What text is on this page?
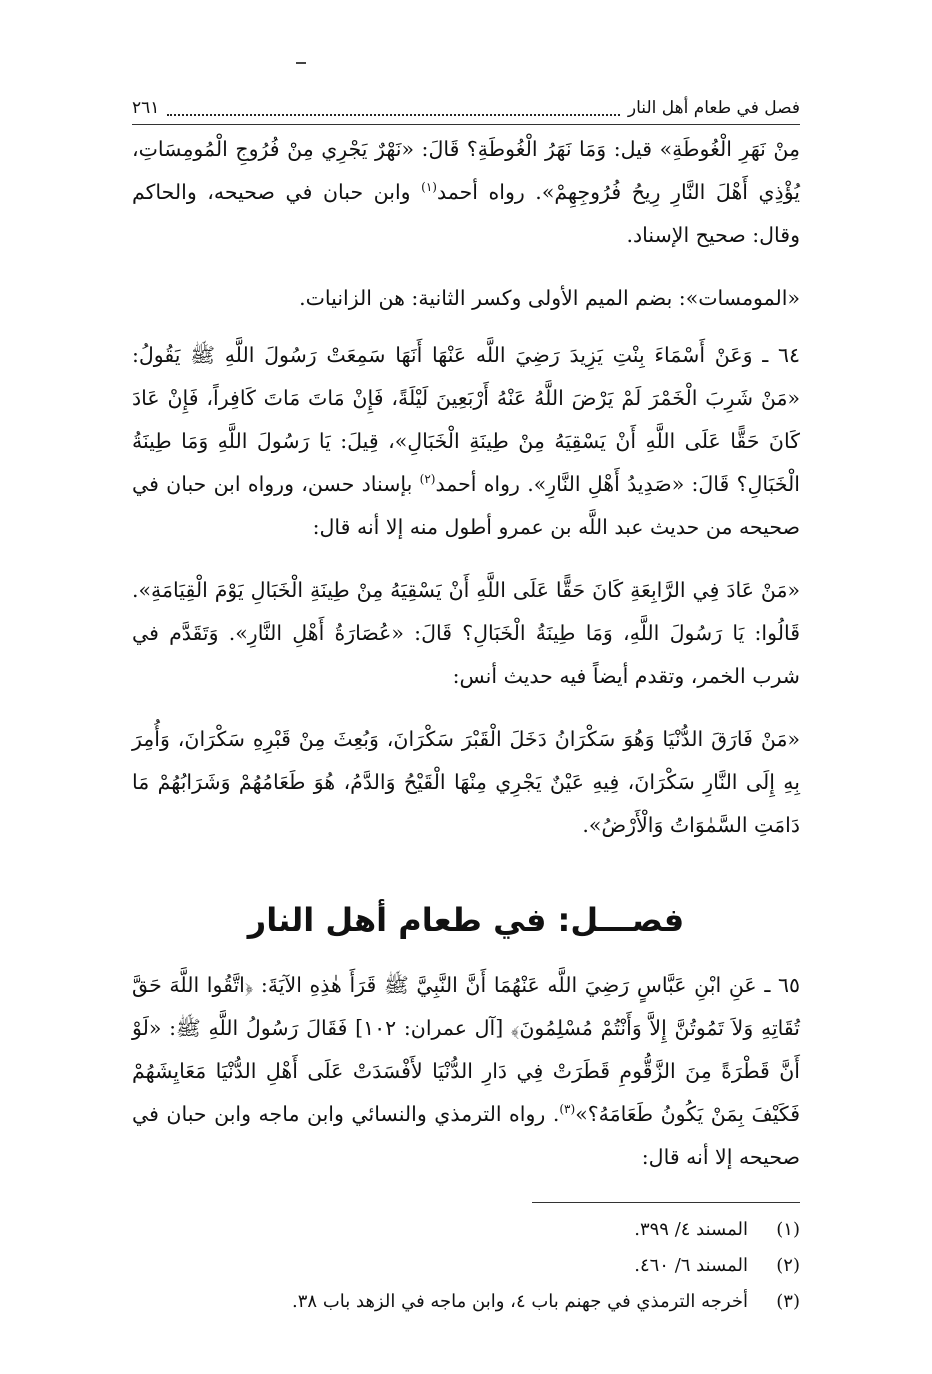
فصل في طعام أهل النار
٢٦١

مِنْ نَهَرِ الْغُوطَةِ» قيل: وَمَا نَهَرُ الْغُوطَةِ؟ قَالَ: «نَهْرٌ يَجْرِي مِنْ فُرُوجِ الْمُومِسَاتِ، يُؤْذِي أَهْلَ النَّارِ رِيحُ فُرُوجِهِمْ». رواه أحمد$^{(١)}$ وابن حبان في صحيحه، والحاكم وقال: صحيح الإسناد.

«المومسات»: بضم الميم الأولى وكسر الثانية: هن الزانيات.

٦٤ ـ وَعَنْ أَسْمَاءَ بِنْتِ يَزِيدَ رَضِيَ اللَّه عَنْهَا أَنَهَا سَمِعَتْ رَسُولَ اللَّهِ ﷺ يَقُولُ: «مَنْ شَرِبَ الْخَمْرَ لَمْ يَرْضَ اللَّهُ عَنْهُ أَرْبَعِينَ لَيْلَةً، فَإِنْ مَاتَ مَاتَ كَافِراً، فَإِنْ عَادَ كَانَ حَقًّا عَلَى اللَّهِ أَنْ يَسْقِيَهُ مِنْ طِينَةِ الْخَبَالِ»، قِيلَ: يَا رَسُولَ اللَّهِ وَمَا طِينَةُ الْخَبَالِ؟ قَالَ: «صَدِيدُ أَهْلِ النَّارِ». رواه أحمد$^{(٢)}$ بإسناد حسن، ورواه ابن حبان في صحيحه من حديث عبد اللَّه بن عمرو أطول منه إلا أنه قال:

«مَنْ عَادَ فِي الرَّابِعَةِ كَانَ حَقًّا عَلَى اللَّهِ أَنْ يَسْقِيَهُ مِنْ طِينَةِ الْخَبَالِ يَوْمَ الْقِيَامَةِ». قَالُوا: يَا رَسُولَ اللَّهِ، وَمَا طِينَةُ الْخَبَالِ؟ قَالَ: «عُصَارَةُ أَهْلِ النَّارِ». وَتَقَدَّم في شرب الخمر، وتقدم أيضاً فيه حديث أنس:

«مَنْ فَارَقَ الدُّنْيَا وَهُوَ سَكْرَانُ دَخَلَ الْقَبْرَ سَكْرَانَ، وَبُعِثَ مِنْ قَبْرِهِ سَكْرَانَ، وَأُمِرَ بِهِ إِلَى النَّارِ سَكْرَانَ، فِيهِ عَيْنٌ يَجْرِي مِنْهَا الْقَيْحُ وَالدَّمُ، هُوَ طَعَامُهُمْ وَشَرَابُهُمْ مَا دَامَتِ السَّمٰوَاتُ وَالْأَرْضُ».

فصـــل: في طعام أهل النار

٦٥ ـ عَنِ ابْنِ عَبَّاسٍ رَضِيَ اللَّه عَنْهُمَا أَنَّ النَّبِيَّ ﷺ قَرَأَ هٰذِهِ الآيَةَ: ﴿اتَّقُوا اللَّهَ حَقَّ تُقَاتِهِ وَلاَ تَمُوتُنَّ إِلاَّ وَأَنْتُمْ مُسْلِمُونَ﴾ [آل عمران: ١٠٢] فَقَالَ رَسُولُ اللَّهِ ﷺ: «لَوْ أَنَّ قَطْرَةً مِنَ الزَّقُّومِ قَطَرَتْ فِي دَارِ الدُّنْيَا لأَفْسَدَتْ عَلَى أَهْلِ الدُّنْيَا مَعَايِشَهُمْ فَكَيْفَ بِمَنْ يَكُونُ طَعَامَهُ؟»$^{(٣)}$. رواه الترمذي والنسائي وابن ماجه وابن حبان في صحيحه إلا أنه قال:

(١)
المسند ٤/ ٣٩٩.
(٢)
المسند ٦/ ٤٦٠.
(٣)
أخرجه الترمذي في جهنم باب ٤، وابن ماجه في الزهد باب ٣٨.
